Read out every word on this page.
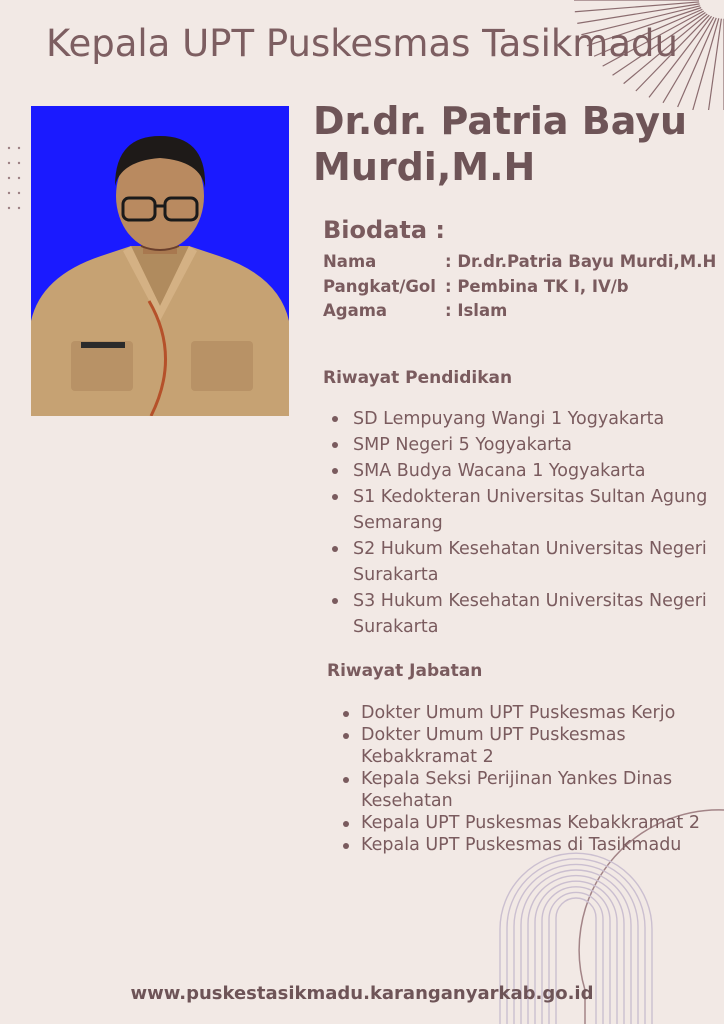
Kepala UPT Puskesmas Tasikmadu
Dr.dr. Patria Bayu Murdi,M.H
Biodata :
Nama	: Dr.dr.Patria Bayu Murdi,M.H
Pangkat/Gol : Pembina TK I, IV/b
Agama	: Islam
Riwayat Pendidikan
SD Lempuyang Wangi 1 Yogyakarta
SMP Negeri 5 Yogyakarta
SMA Budya Wacana 1 Yogyakarta
S1 Kedokteran Universitas Sultan Agung Semarang
S2 Hukum Kesehatan Universitas Negeri Surakarta
S3 Hukum Kesehatan Universitas Negeri Surakarta
Riwayat Jabatan
Dokter Umum UPT Puskesmas Kerjo
Dokter Umum UPT Puskesmas Kebakkramat 2
Kepala Seksi Perijinan Yankes Dinas Kesehatan
Kepala UPT Puskesmas Kebakkramat 2
Kepala UPT Puskesmas di Tasikmadu
www.puskestasikmadu.karanganyarkab.go.id
